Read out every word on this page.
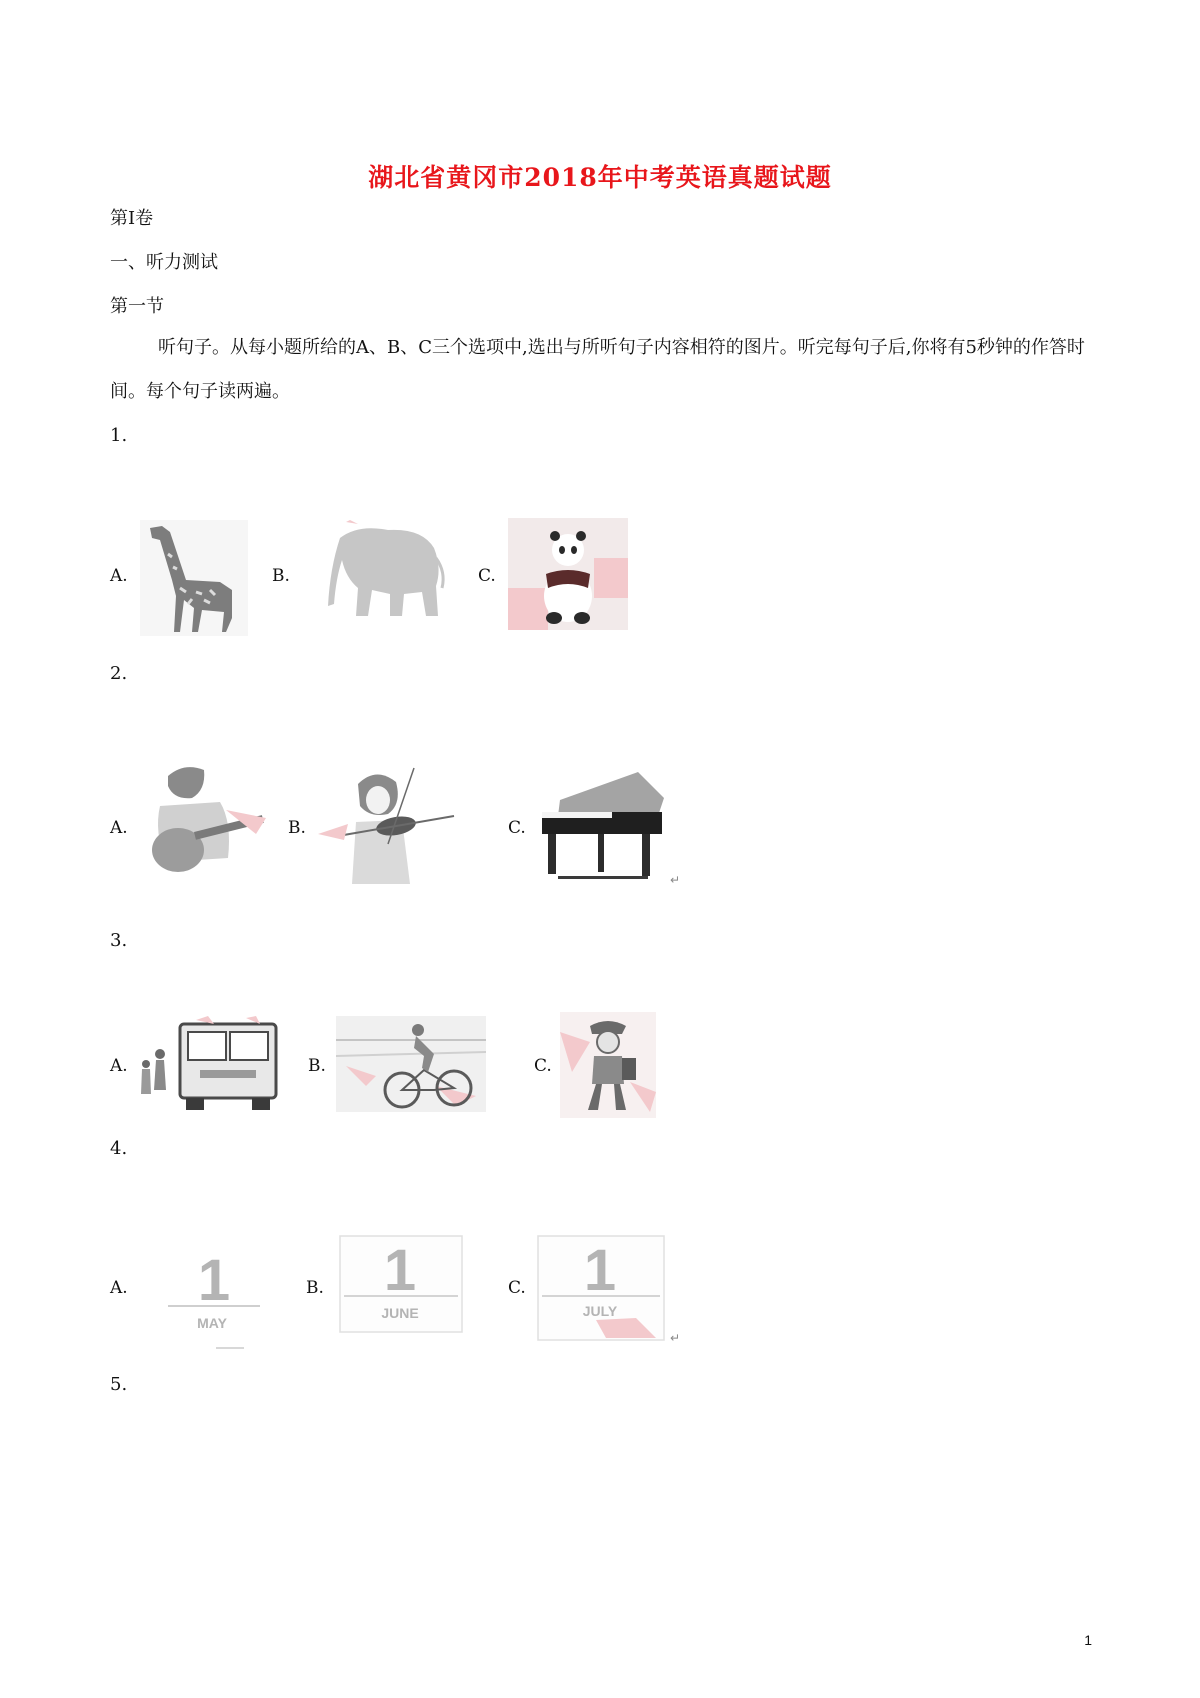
湖北省黄冈市2018年中考英语真题试题
第Ⅰ卷
一、听力测试
第一节
听句子。从每小题所给的A、B、C三个选项中,选出与所听句子内容相符的图片。听完每句子后,你将有5秒钟的作答时间。每个句子读两遍。
1.
A.	B.	C.
2.
A.	B.	C.
↵
3.
A.	B.	C.
4.
A. 1
MAY
B. 1
JUNE
C. 1
JULY
↵
5.
1
